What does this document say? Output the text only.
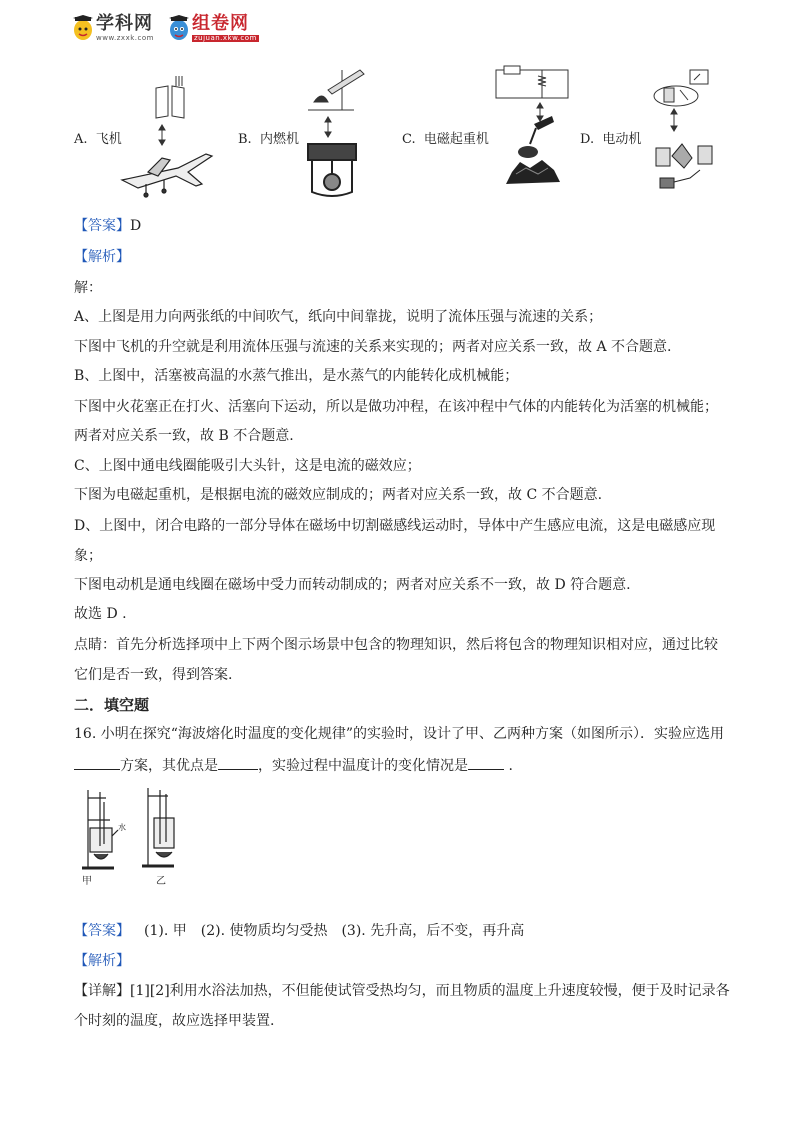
学科网
www.zxxk.com
组卷网
zujuan.xkw.com
A. 飞机	B. 内燃机	C. 电磁起重机	D. 电动机
【答案】D
【解析】
解：
A、上图是用力向两张纸的中间吹气，纸向中间靠拢，说明了流体压强与流速的关系；
下图中飞机的升空就是利用流体压强与流速的关系来实现的；两者对应关系一致，故 A 不合题意.
B、上图中，活塞被高温的水蒸气推出，是水蒸气的内能转化成机械能；
下图中火花塞正在打火、活塞向下运动，所以是做功冲程，在该冲程中气体的内能转化为活塞的机械能；
两者对应关系一致，故 B 不合题意.
C、上图中通电线圈能吸引大头针，这是电流的磁效应；
下图为电磁起重机，是根据电流的磁效应制成的；两者对应关系一致，故 C 不合题意.
D、上图中，闭合电路的一部分导体在磁场中切割磁感线运动时，导体中产生感应电流，这是电磁感应现
象；
下图电动机是通电线圈在磁场中受力而转动制成的；两者对应关系不一致，故 D 符合题意.
故选 D .
点睛：首先分析选择项中上下两个图示场景中包含的物理知识，然后将包含的物理知识相对应，通过比较
它们是否一致，得到答案.
二．填空题
16. 小明在探究“海波熔化时温度的变化规律”的实验时，设计了甲、乙两种方案（如图所示）．实验应选用
方案，其优点是	，实验过程中温度计的变化情况是	.
水
甲	乙
【答案】 (1). 甲 (2). 使物质均匀受热 (3). 先升高，后不变，再升高
【解析】
【详解】[1][2]利用水浴法加热，不但能使试管受热均匀，而且物质的温度上升速度较慢，便于及时记录各
个时刻的温度，故应选择甲装置.
